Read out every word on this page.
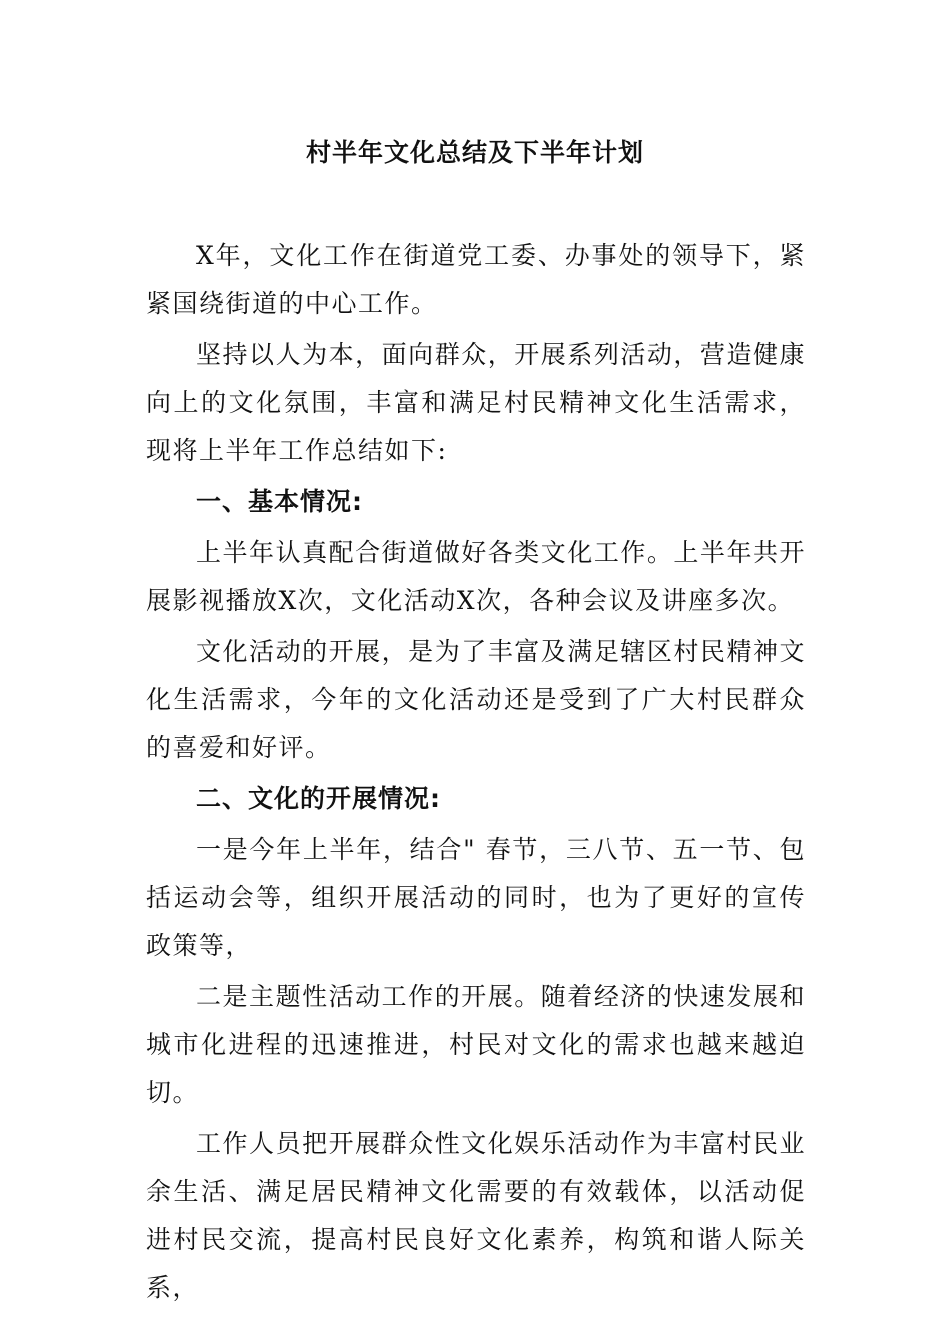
村半年文化总结及下半年计划

X年，文化工作在街道党工委、办事处的领导下，紧紧国绕街道的中心工作。

坚持以人为本，面向群众，开展系列活动，营造健康向上的文化氛围，丰富和满足村民精神文化生活需求，现将上半年工作总结如下:

一、基本情况:

上半年认真配合街道做好各类文化工作。上半年共开展影视播放X次，文化活动X次，各种会议及讲座多次。

文化活动的开展，是为了丰富及满足辖区村民精神文化生活需求，今年的文化活动还是受到了广大村民群众的喜爱和好评。

二、文化的开展情况:

一是今年上半年，结合" 春节，三八节、五一节、包括运动会等，组织开展活动的同时，也为了更好的宣传政策等，

二是主题性活动工作的开展。随着经济的快速发展和城市化进程的迅速推进，村民对文化的需求也越来越迫切。

工作人员把开展群众性文化娱乐活动作为丰富村民业余生活、满足居民精神文化需要的有效载体，以活动促进村民交流，提高村民良好文化素养，构筑和谐人际关系，
